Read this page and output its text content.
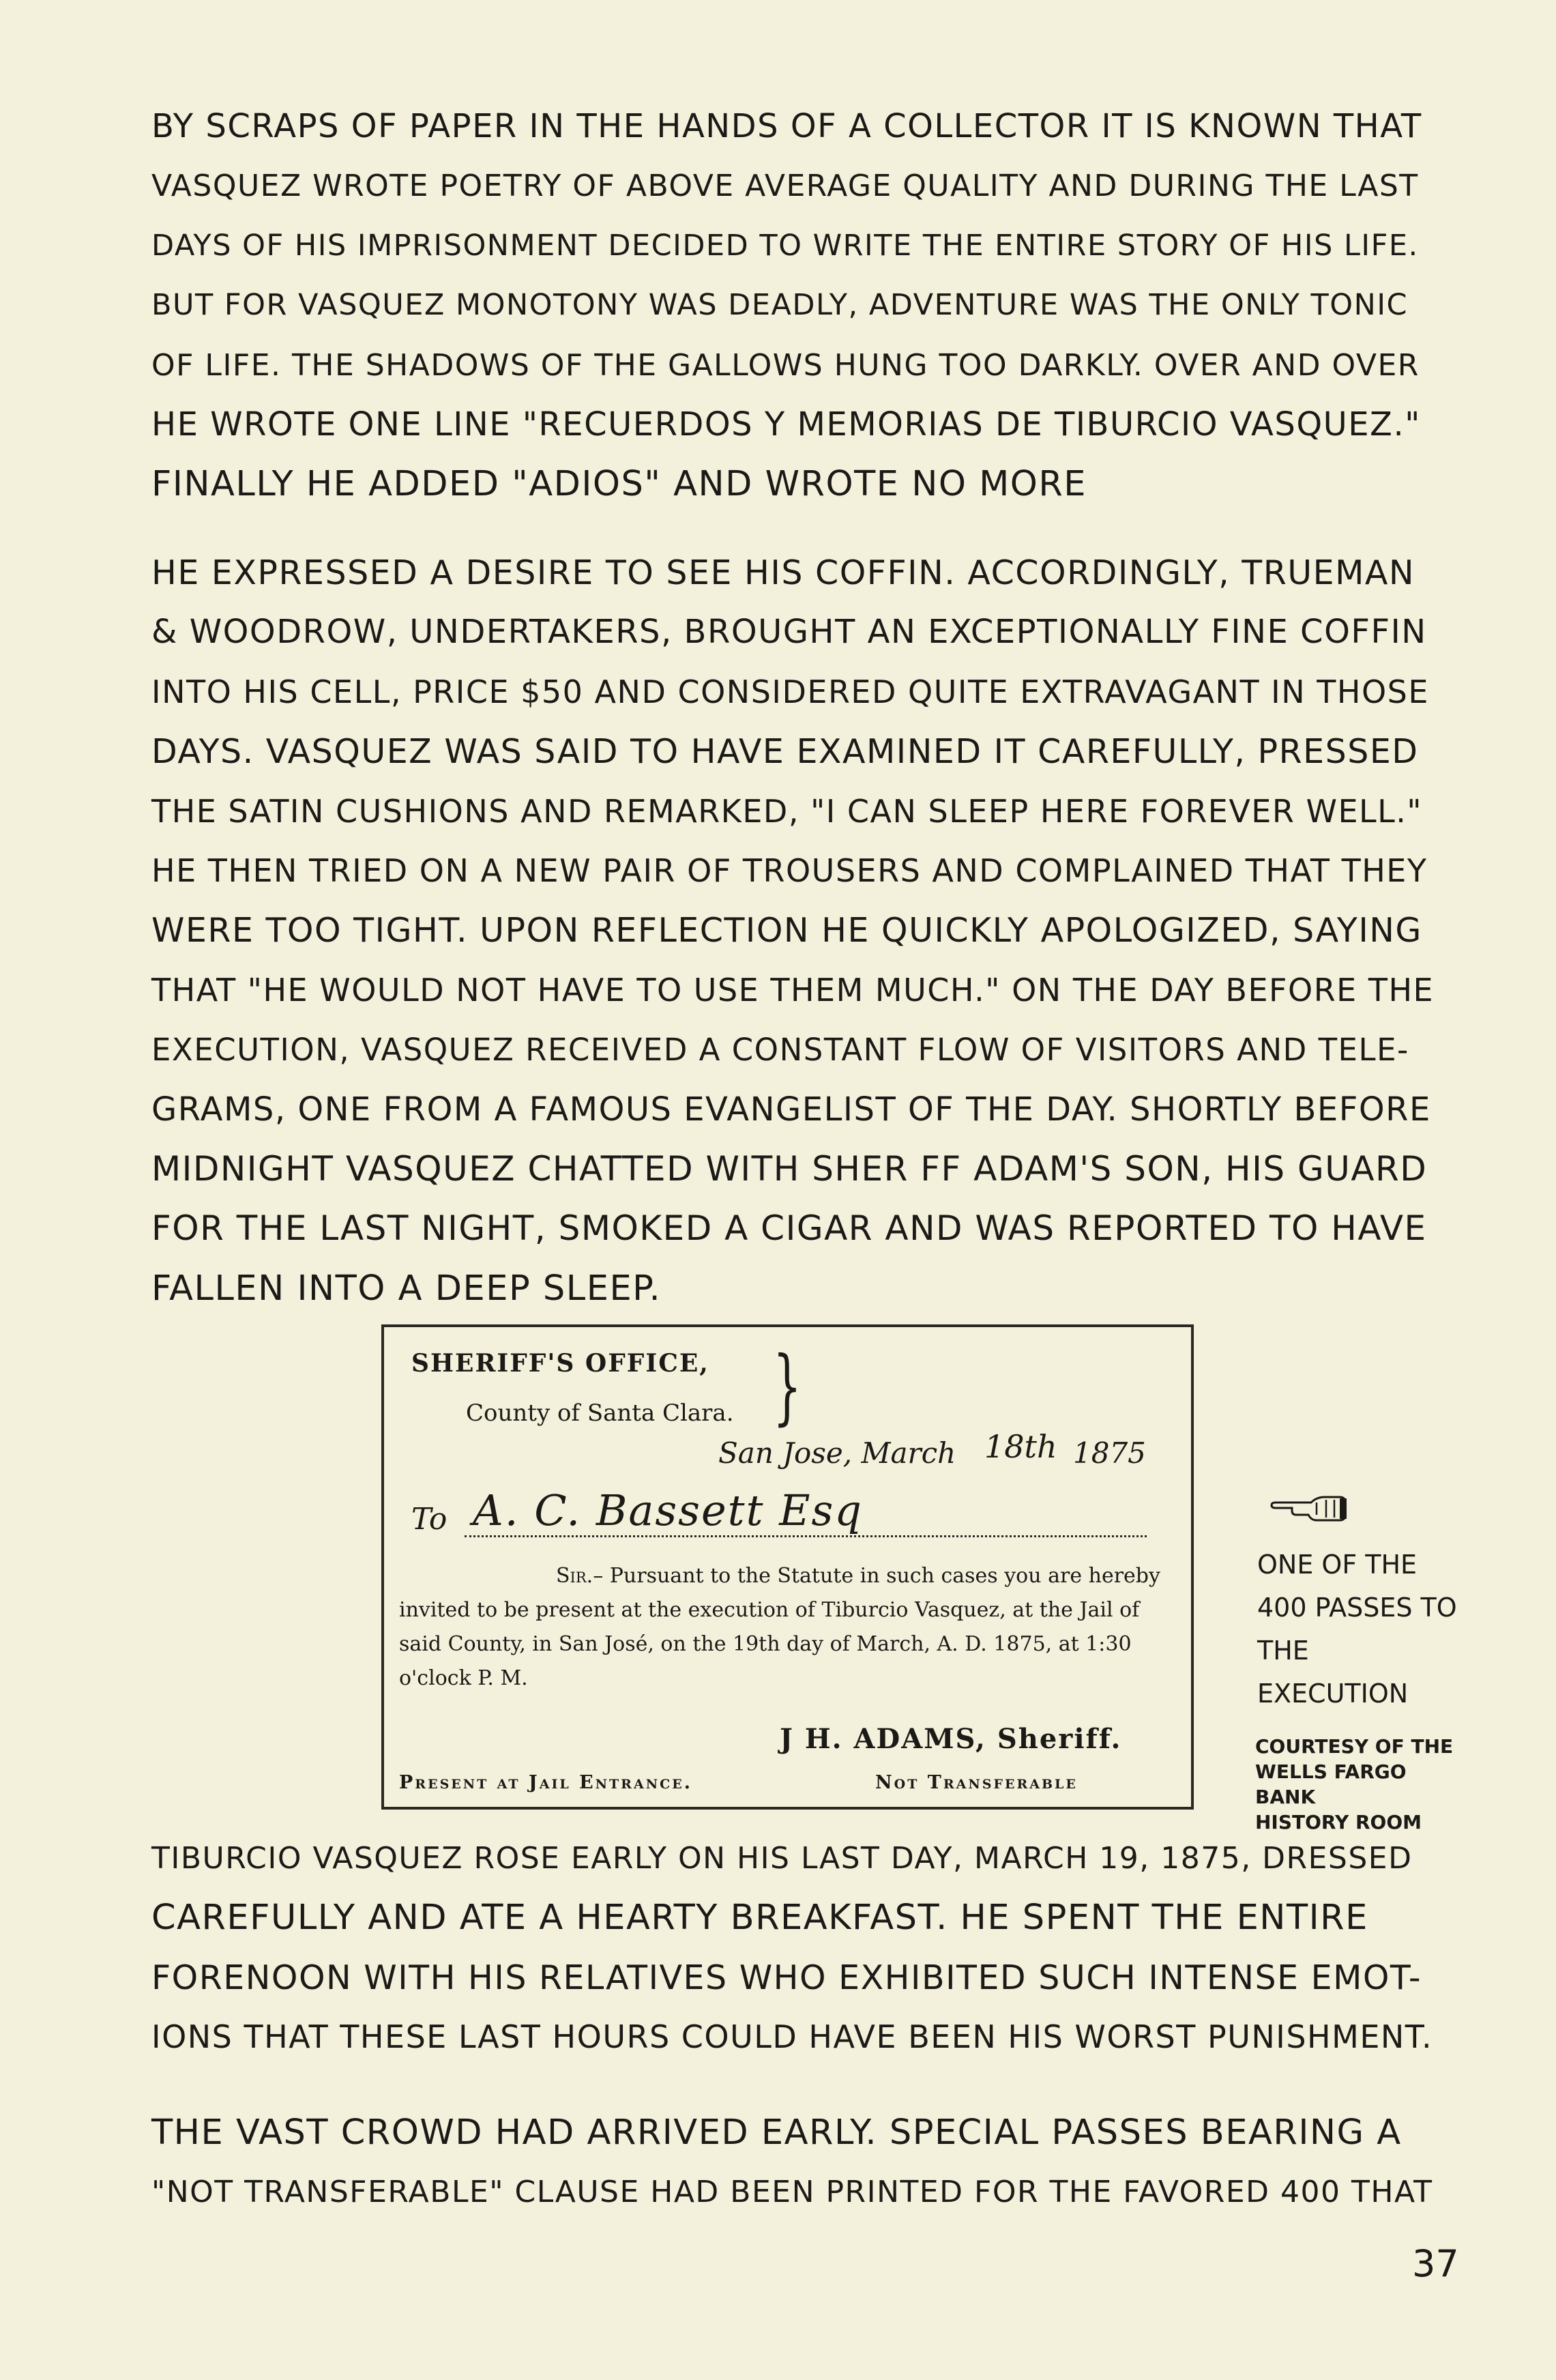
BY SCRAPS OF PAPER IN THE HANDS OF A COLLECTOR IT IS KNOWN THAT
VASQUEZ WROTE POETRY OF ABOVE AVERAGE QUALITY AND DURING THE LAST
DAYS OF HIS IMPRISONMENT DECIDED TO WRITE THE ENTIRE STORY OF HIS LIFE.
BUT FOR VASQUEZ MONOTONY WAS DEADLY, ADVENTURE WAS THE ONLY TONIC
OF LIFE. THE SHADOWS OF THE GALLOWS HUNG TOO DARKLY. OVER AND OVER
HE WROTE ONE LINE "RECUERDOS Y MEMORIAS DE TIBURCIO VASQUEZ."
FINALLY HE ADDED "ADIOS" AND WROTE NO MORE
HE EXPRESSED A DESIRE TO SEE HIS COFFIN. ACCORDINGLY, TRUEMAN
& WOODROW, UNDERTAKERS, BROUGHT AN EXCEPTIONALLY FINE COFFIN
INTO HIS CELL, PRICE $50 AND CONSIDERED QUITE EXTRAVAGANT IN THOSE
DAYS. VASQUEZ WAS SAID TO HAVE EXAMINED IT CAREFULLY, PRESSED
THE SATIN CUSHIONS AND REMARKED, "I CAN SLEEP HERE FOREVER WELL."
HE THEN TRIED ON A NEW PAIR OF TROUSERS AND COMPLAINED THAT THEY
WERE TOO TIGHT. UPON REFLECTION HE QUICKLY APOLOGIZED, SAYING
THAT "HE WOULD NOT HAVE TO USE THEM MUCH." ON THE DAY BEFORE THE
EXECUTION, VASQUEZ RECEIVED A CONSTANT FLOW OF VISITORS AND TELE-
GRAMS, ONE FROM A FAMOUS EVANGELIST OF THE DAY. SHORTLY BEFORE
MIDNIGHT VASQUEZ CHATTED WITH SHER FF ADAM'S SON, HIS GUARD
FOR THE LAST NIGHT, SMOKED A CIGAR AND WAS REPORTED TO HAVE
FALLEN INTO A DEEP SLEEP.
SHERIFF'S OFFICE,
County of Santa Clara. }
San Jose, March 18th 1875
To A. C. Bassett Esq
Sir.– Pursuant to the Statute in such cases you are hereby invited to be present at the execution of Tiburcio Vasquez, at the Jail of said County, in San José, on the 19th day of March, A. D. 1875, at 1:30 o'clock P. M.
J H. ADAMS, Sheriff.
Present at Jail Entrance.	Not Transferable
ONE OF THE
400 PASSES TO
THE EXECUTION
COURTESY OF THE
WELLS FARGO BANK
HISTORY ROOM
TIBURCIO VASQUEZ ROSE EARLY ON HIS LAST DAY, MARCH 19, 1875, DRESSED
CAREFULLY AND ATE A HEARTY BREAKFAST. HE SPENT THE ENTIRE
FORENOON WITH HIS RELATIVES WHO EXHIBITED SUCH INTENSE EMOT-
IONS THAT THESE LAST HOURS COULD HAVE BEEN HIS WORST PUNISHMENT.
THE VAST CROWD HAD ARRIVED EARLY. SPECIAL PASSES BEARING A
"NOT TRANSFERABLE" CLAUSE HAD BEEN PRINTED FOR THE FAVORED 400 THAT
37
